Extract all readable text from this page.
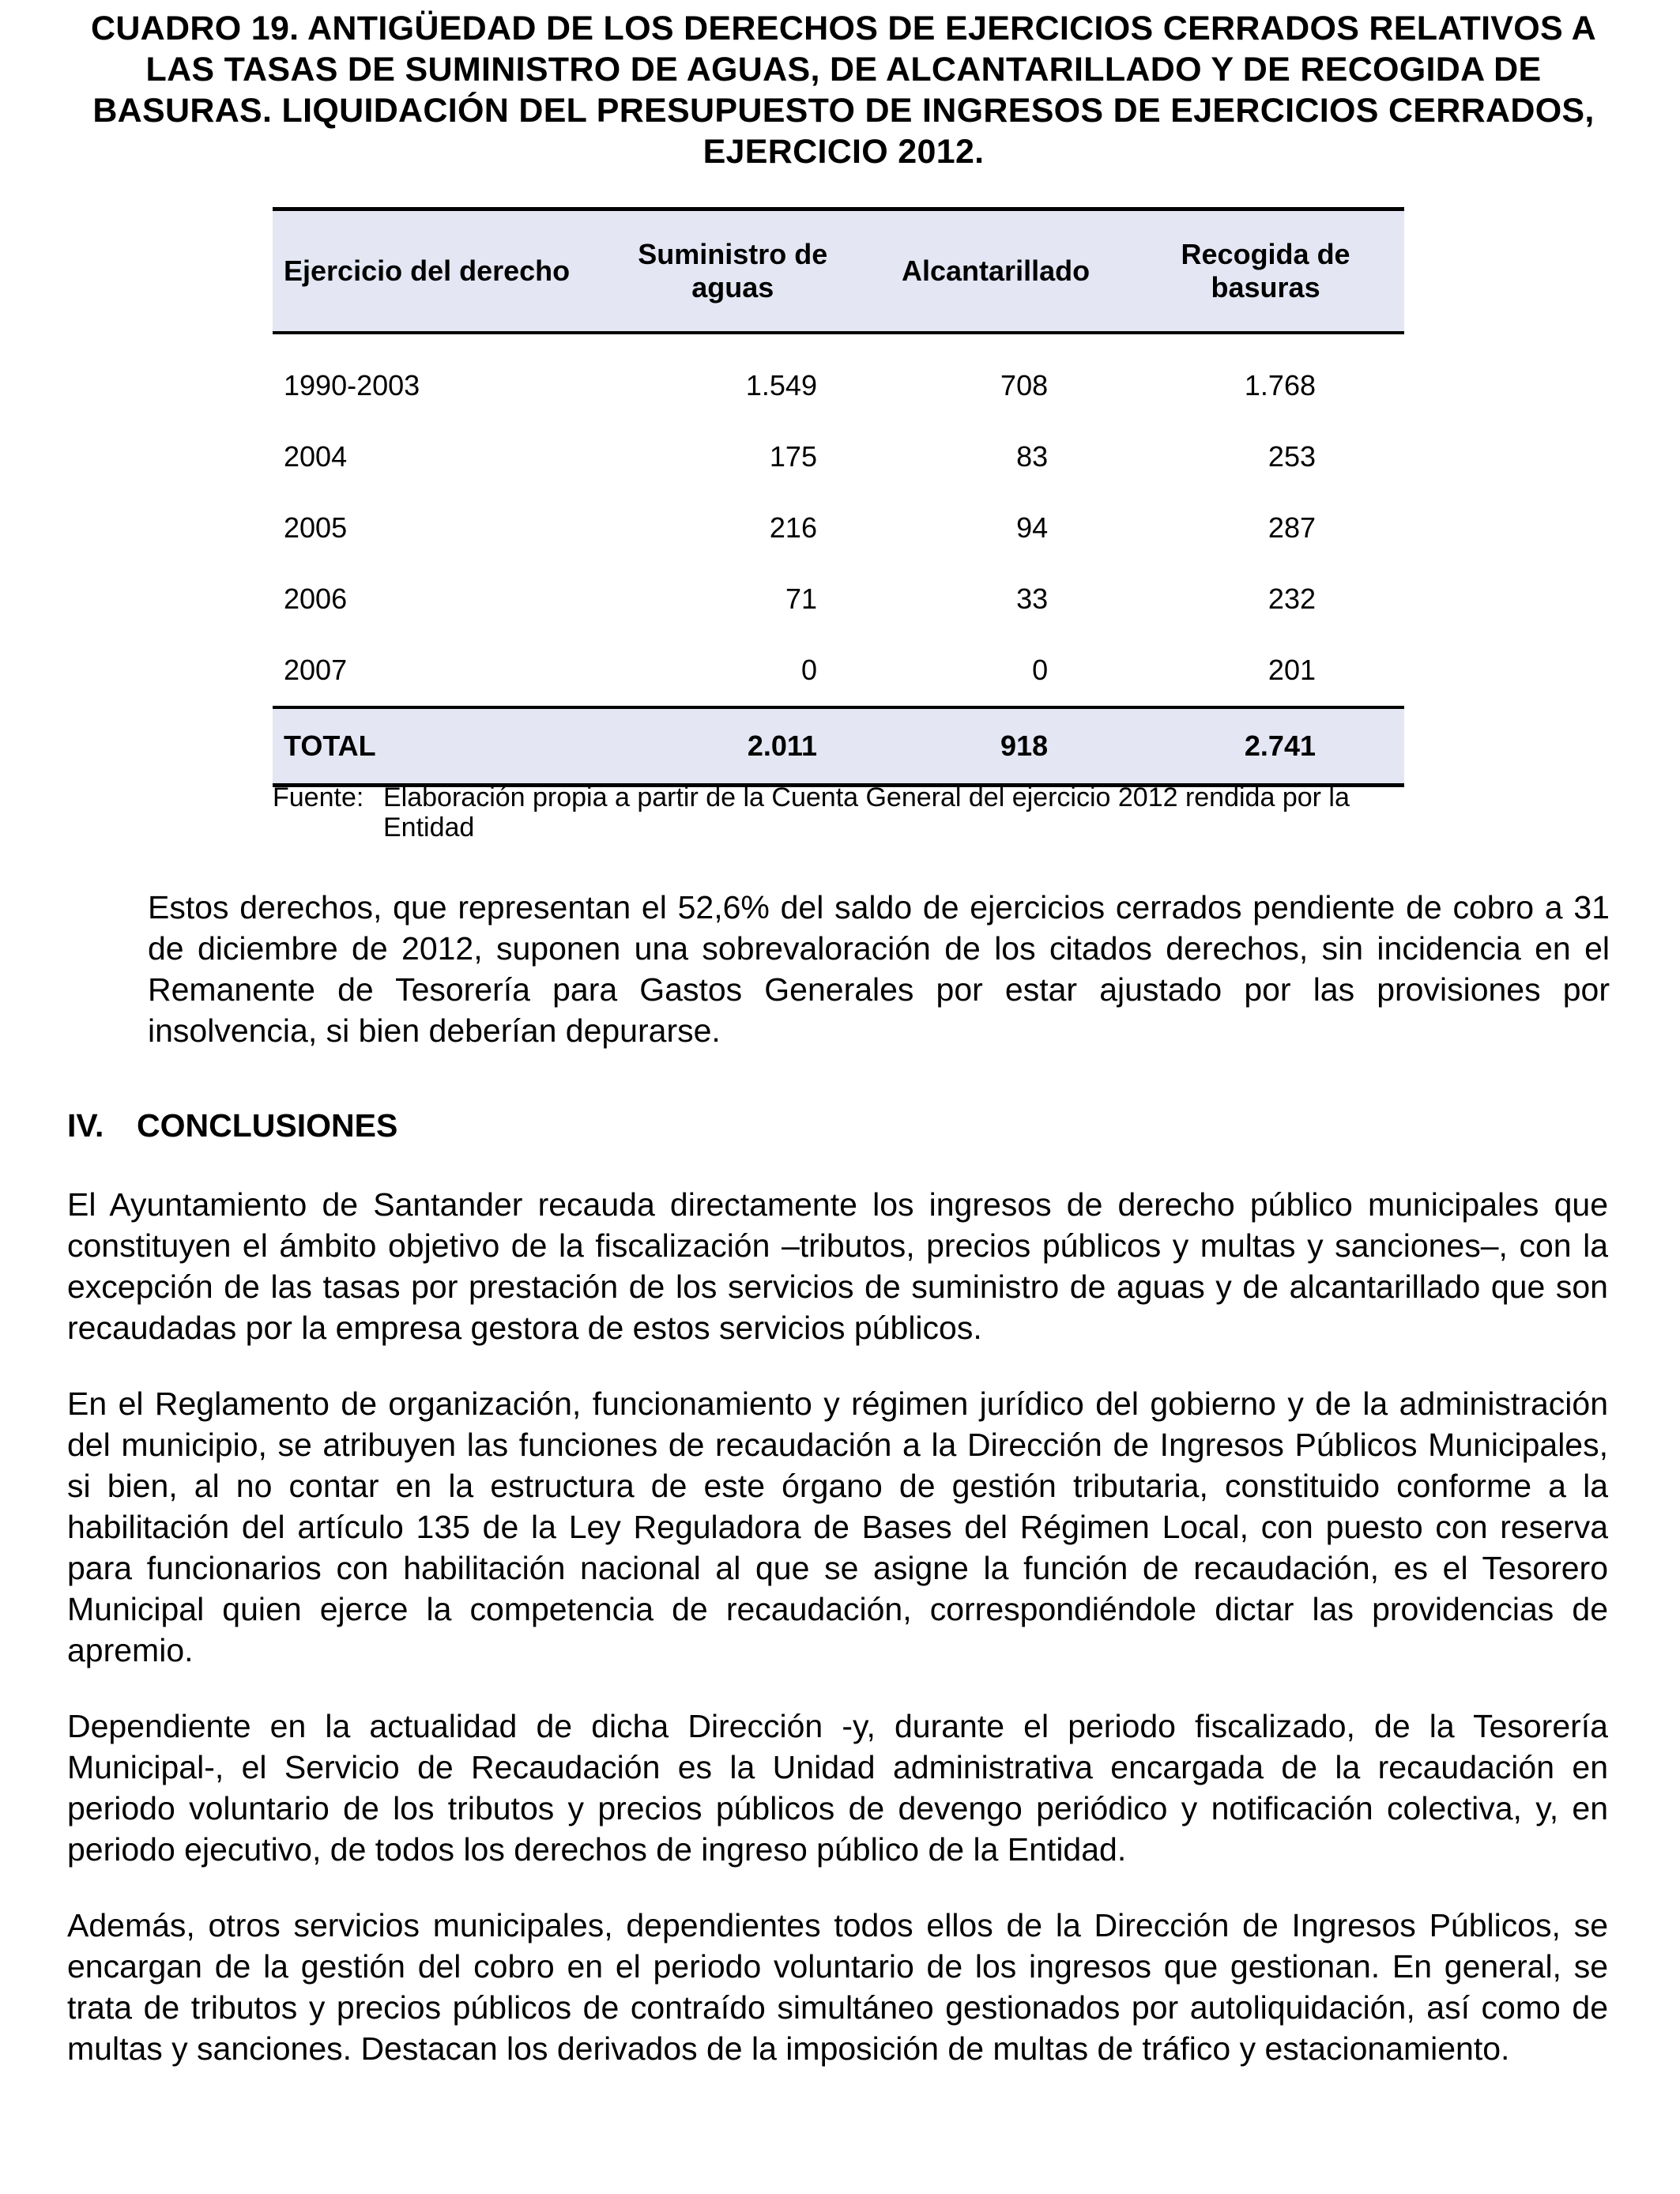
CUADRO 19. ANTIGÜEDAD DE LOS DERECHOS DE EJERCICIOS CERRADOS RELATIVOS A LAS TASAS DE SUMINISTRO DE AGUAS, DE ALCANTARILLADO Y DE RECOGIDA DE BASURAS. LIQUIDACIÓN DEL PRESUPUESTO DE INGRESOS DE EJERCICIOS CERRADOS, EJERCICIO 2012.
Ejercicio del derecho	Suministro de aguas	Alcantarillado	Recogida de basuras
1990-2003	1.549	708	1.768
2004	175	83	253
2005	216	94	287
2006	71	33	232
2007	0	0	201
TOTAL	2.011	918	2.741
Fuente: Elaboración propia a partir de la Cuenta General del ejercicio 2012 rendida por la Entidad
Estos derechos, que representan el 52,6% del saldo de ejercicios cerrados pendiente de cobro a 31 de diciembre de 2012, suponen una sobrevaloración de los citados derechos, sin incidencia en el Remanente de Tesorería para Gastos Generales por estar ajustado por las provisiones por insolvencia, si bien deberían depurarse.
IV. CONCLUSIONES
El Ayuntamiento de Santander recauda directamente los ingresos de derecho público municipales que constituyen el ámbito objetivo de la fiscalización –tributos, precios públicos y multas y sanciones–, con la excepción de las tasas por prestación de los servicios de suministro de aguas y de alcantarillado que son recaudadas por la empresa gestora de estos servicios públicos.
En el Reglamento de organización, funcionamiento y régimen jurídico del gobierno y de la administración del municipio, se atribuyen las funciones de recaudación a la Dirección de Ingresos Públicos Municipales, si bien, al no contar en la estructura de este órgano de gestión tributaria, constituido conforme a la habilitación del artículo 135 de la Ley Reguladora de Bases del Régimen Local, con puesto con reserva para funcionarios con habilitación nacional al que se asigne la función de recaudación, es el Tesorero Municipal quien ejerce la competencia de recaudación, correspondiéndole dictar las providencias de apremio.
Dependiente en la actualidad de dicha Dirección -y, durante el periodo fiscalizado, de la Tesorería Municipal-, el Servicio de Recaudación es la Unidad administrativa encargada de la recaudación en periodo voluntario de los tributos y precios públicos de devengo periódico y notificación colectiva, y, en periodo ejecutivo, de todos los derechos de ingreso público de la Entidad.
Además, otros servicios municipales, dependientes todos ellos de la Dirección de Ingresos Públicos, se encargan de la gestión del cobro en el periodo voluntario de los ingresos que gestionan. En general, se trata de tributos y precios públicos de contraído simultáneo gestionados por autoliquidación, así como de multas y sanciones. Destacan los derivados de la imposición de multas de tráfico y estacionamiento.
